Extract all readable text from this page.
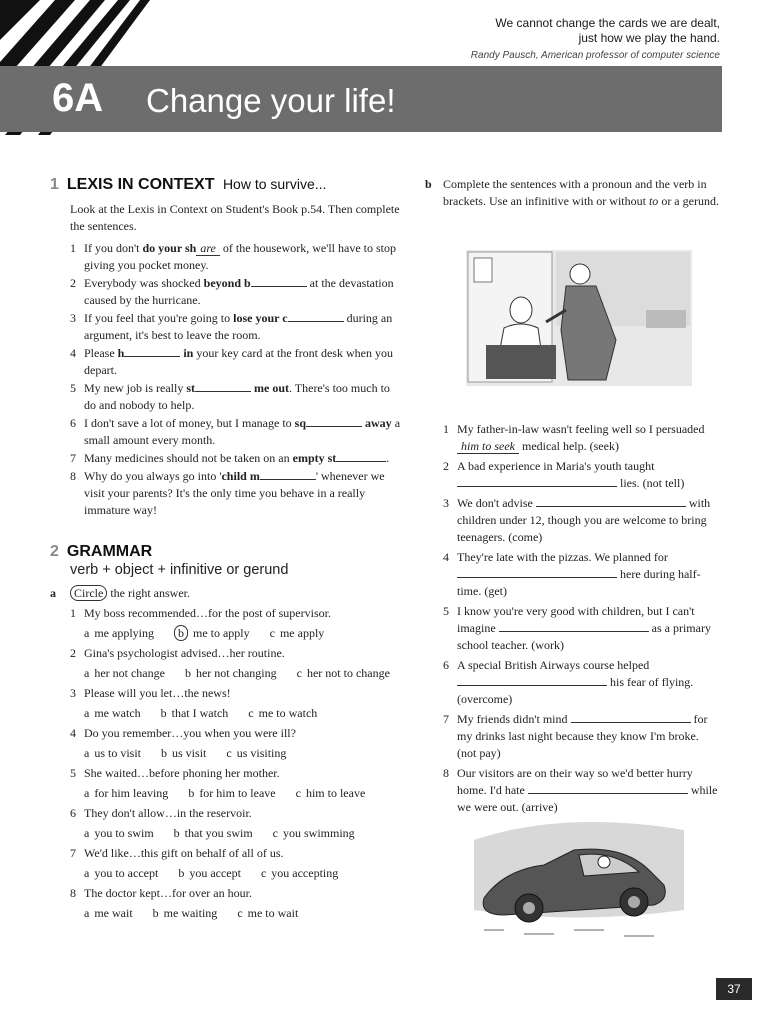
We cannot change the cards we are dealt,
just how we play the hand.
Randy Pausch, American professor of computer science
6A Change your life!
1 LEXIS IN CONTEXT How to survive...
Look at the Lexis in Context on Student's Book p.54. Then complete the sentences.
1 If you don't do your sh are of the housework, we'll have to stop giving you pocket money.
2 Everybody was shocked beyond b	at the devastation caused by the hurricane.
3 If you feel that you're going to lose your c	during an argument, it's best to leave the room.
4 Please h	in your key card at the front desk when you depart.
5 My new job is really st	me out. There's too much to do and nobody to help.
6 I don't save a lot of money, but I manage to sq	away a small amount every month.
7 Many medicines should not be taken on an empty st	.
8 Why do you always go into 'child m	' whenever we visit your parents? It's the only time you behave in a really immature way!
2 GRAMMAR
verb + object + infinitive or gerund
a	Circle the right answer.
1 My boss recommended…for the post of supervisor.
a me applying	b me to apply c me apply
2 Gina's psychologist advised…her routine.
a her not change b her not changing c her not to change
3 Please will you let…the news!
a me watch b that I watch c me to watch
4 Do you remember…you when you were ill?
a us to visit b us visit c us visiting
5 She waited…before phoning her mother.
a for him leaving b for him to leave c him to leave
6 They don't allow…in the reservoir.
a you to swim b that you swim c you swimming
7 We'd like…this gift on behalf of all of us.
a you to accept b you accept c you accepting
8 The doctor kept…for over an hour.
a me wait b me waiting c me to wait
b Complete the sentences with a pronoun and the verb in brackets. Use an infinitive with or without to or a gerund.
1 My father-in-law wasn't feeling well so I persuaded him to seek medical help. (seek)
2 A bad experience in Maria's youth taught  lies. (not tell)
3 We don't advise	with children under 12, though you are welcome to bring teenagers. (come)
4 They're late with the pizzas. We planned for  here during half-time. (get)
5 I know you're very good with children, but I can't imagine	as a primary school teacher. (work)
6 A special British Airways course helped  his fear of flying. (overcome)
7 My friends didn't mind	for my drinks last night because they know I'm broke. (not pay)
8 Our visitors are on their way so we'd better hurry home. I'd hate	while we were out. (arrive)
37
